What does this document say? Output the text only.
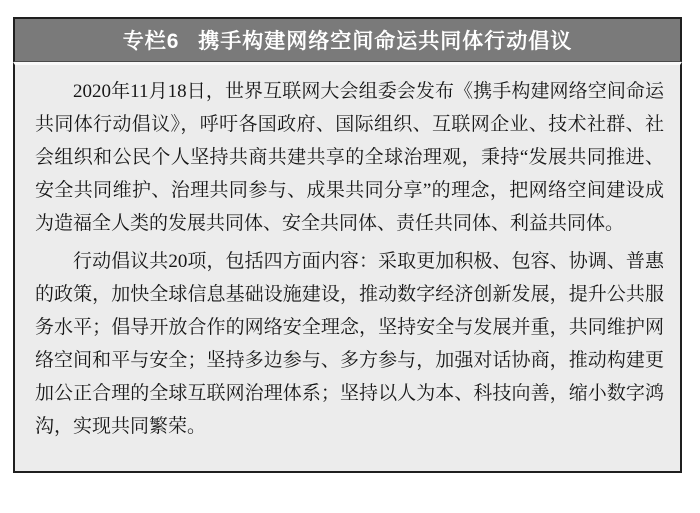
专栏6 携手构建网络空间命运共同体行动倡议

2020年11月18日，世界互联网大会组委会发布《携手构建网络空间命运共同体行动倡议》，呼吁各国政府、国际组织、互联网企业、技术社群、社会组织和公民个人坚持共商共建共享的全球治理观，秉持“发展共同推进、安全共同维护、治理共同参与、成果共同分享”的理念，把网络空间建设成为造福全人类的发展共同体、安全共同体、责任共同体、利益共同体。

行动倡议共20项，包括四方面内容：采取更加积极、包容、协调、普惠的政策，加快全球信息基础设施建设，推动数字经济创新发展，提升公共服务水平；倡导开放合作的网络安全理念，坚持安全与发展并重，共同维护网络空间和平与安全；坚持多边参与、多方参与，加强对话协商，推动构建更加公正合理的全球互联网治理体系；坚持以人为本、科技向善，缩小数字鸿沟，实现共同繁荣。
